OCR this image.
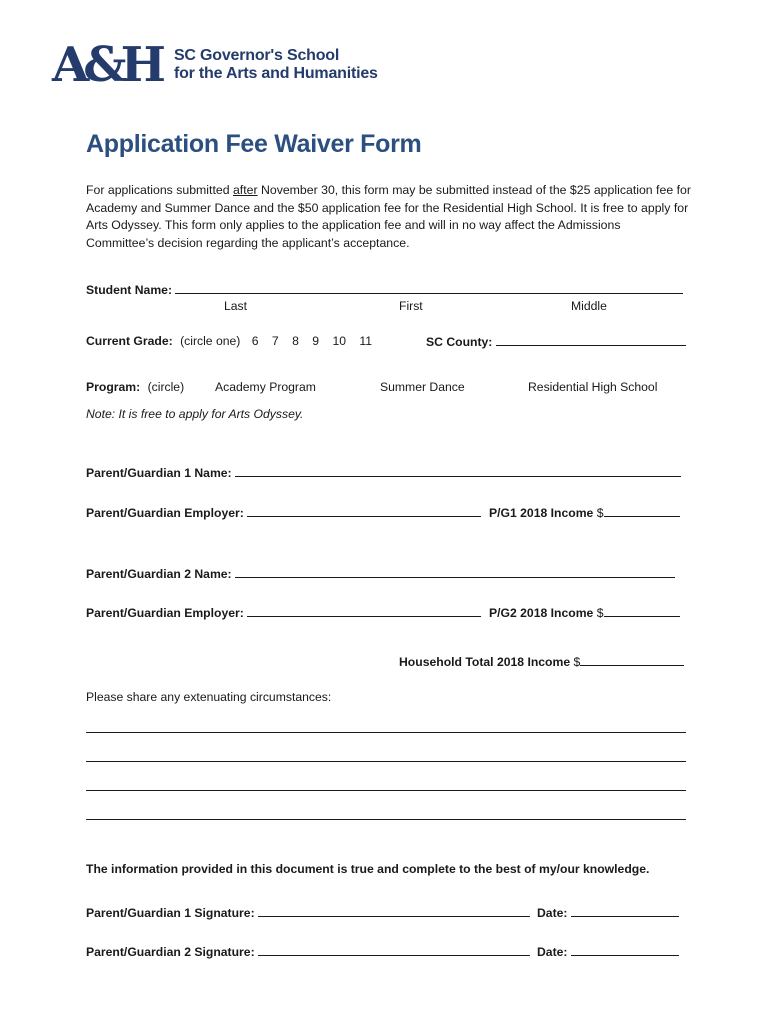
A&H SC Governor's School
for the Arts and Humanities
Application Fee Waiver Form
For applications submitted after November 30, this form may be submitted instead of the $25 application fee for Academy and Summer Dance and the $50 application fee for the Residential High School. It is free to apply for Arts Odyssey. This form only applies to the application fee and will in no way affect the Admissions Committee’s decision regarding the applicant’s acceptance.
Student Name:
Last	First	Middle
Current Grade: (circle one) 6 7 8 9 10 11	SC County:
Program: (circle)	Academy Program	Summer Dance	Residential High School
Note: It is free to apply for Arts Odyssey.
Parent/Guardian 1 Name:
Parent/Guardian Employer:	P/G1 2018 Income $
Parent/Guardian 2 Name:
Parent/Guardian Employer:	P/G2 2018 Income $
Household Total 2018 Income $
Please share any extenuating circumstances:
The information provided in this document is true and complete to the best of my/our knowledge.
Parent/Guardian 1 Signature:	Date:
Parent/Guardian 2 Signature:	Date:
